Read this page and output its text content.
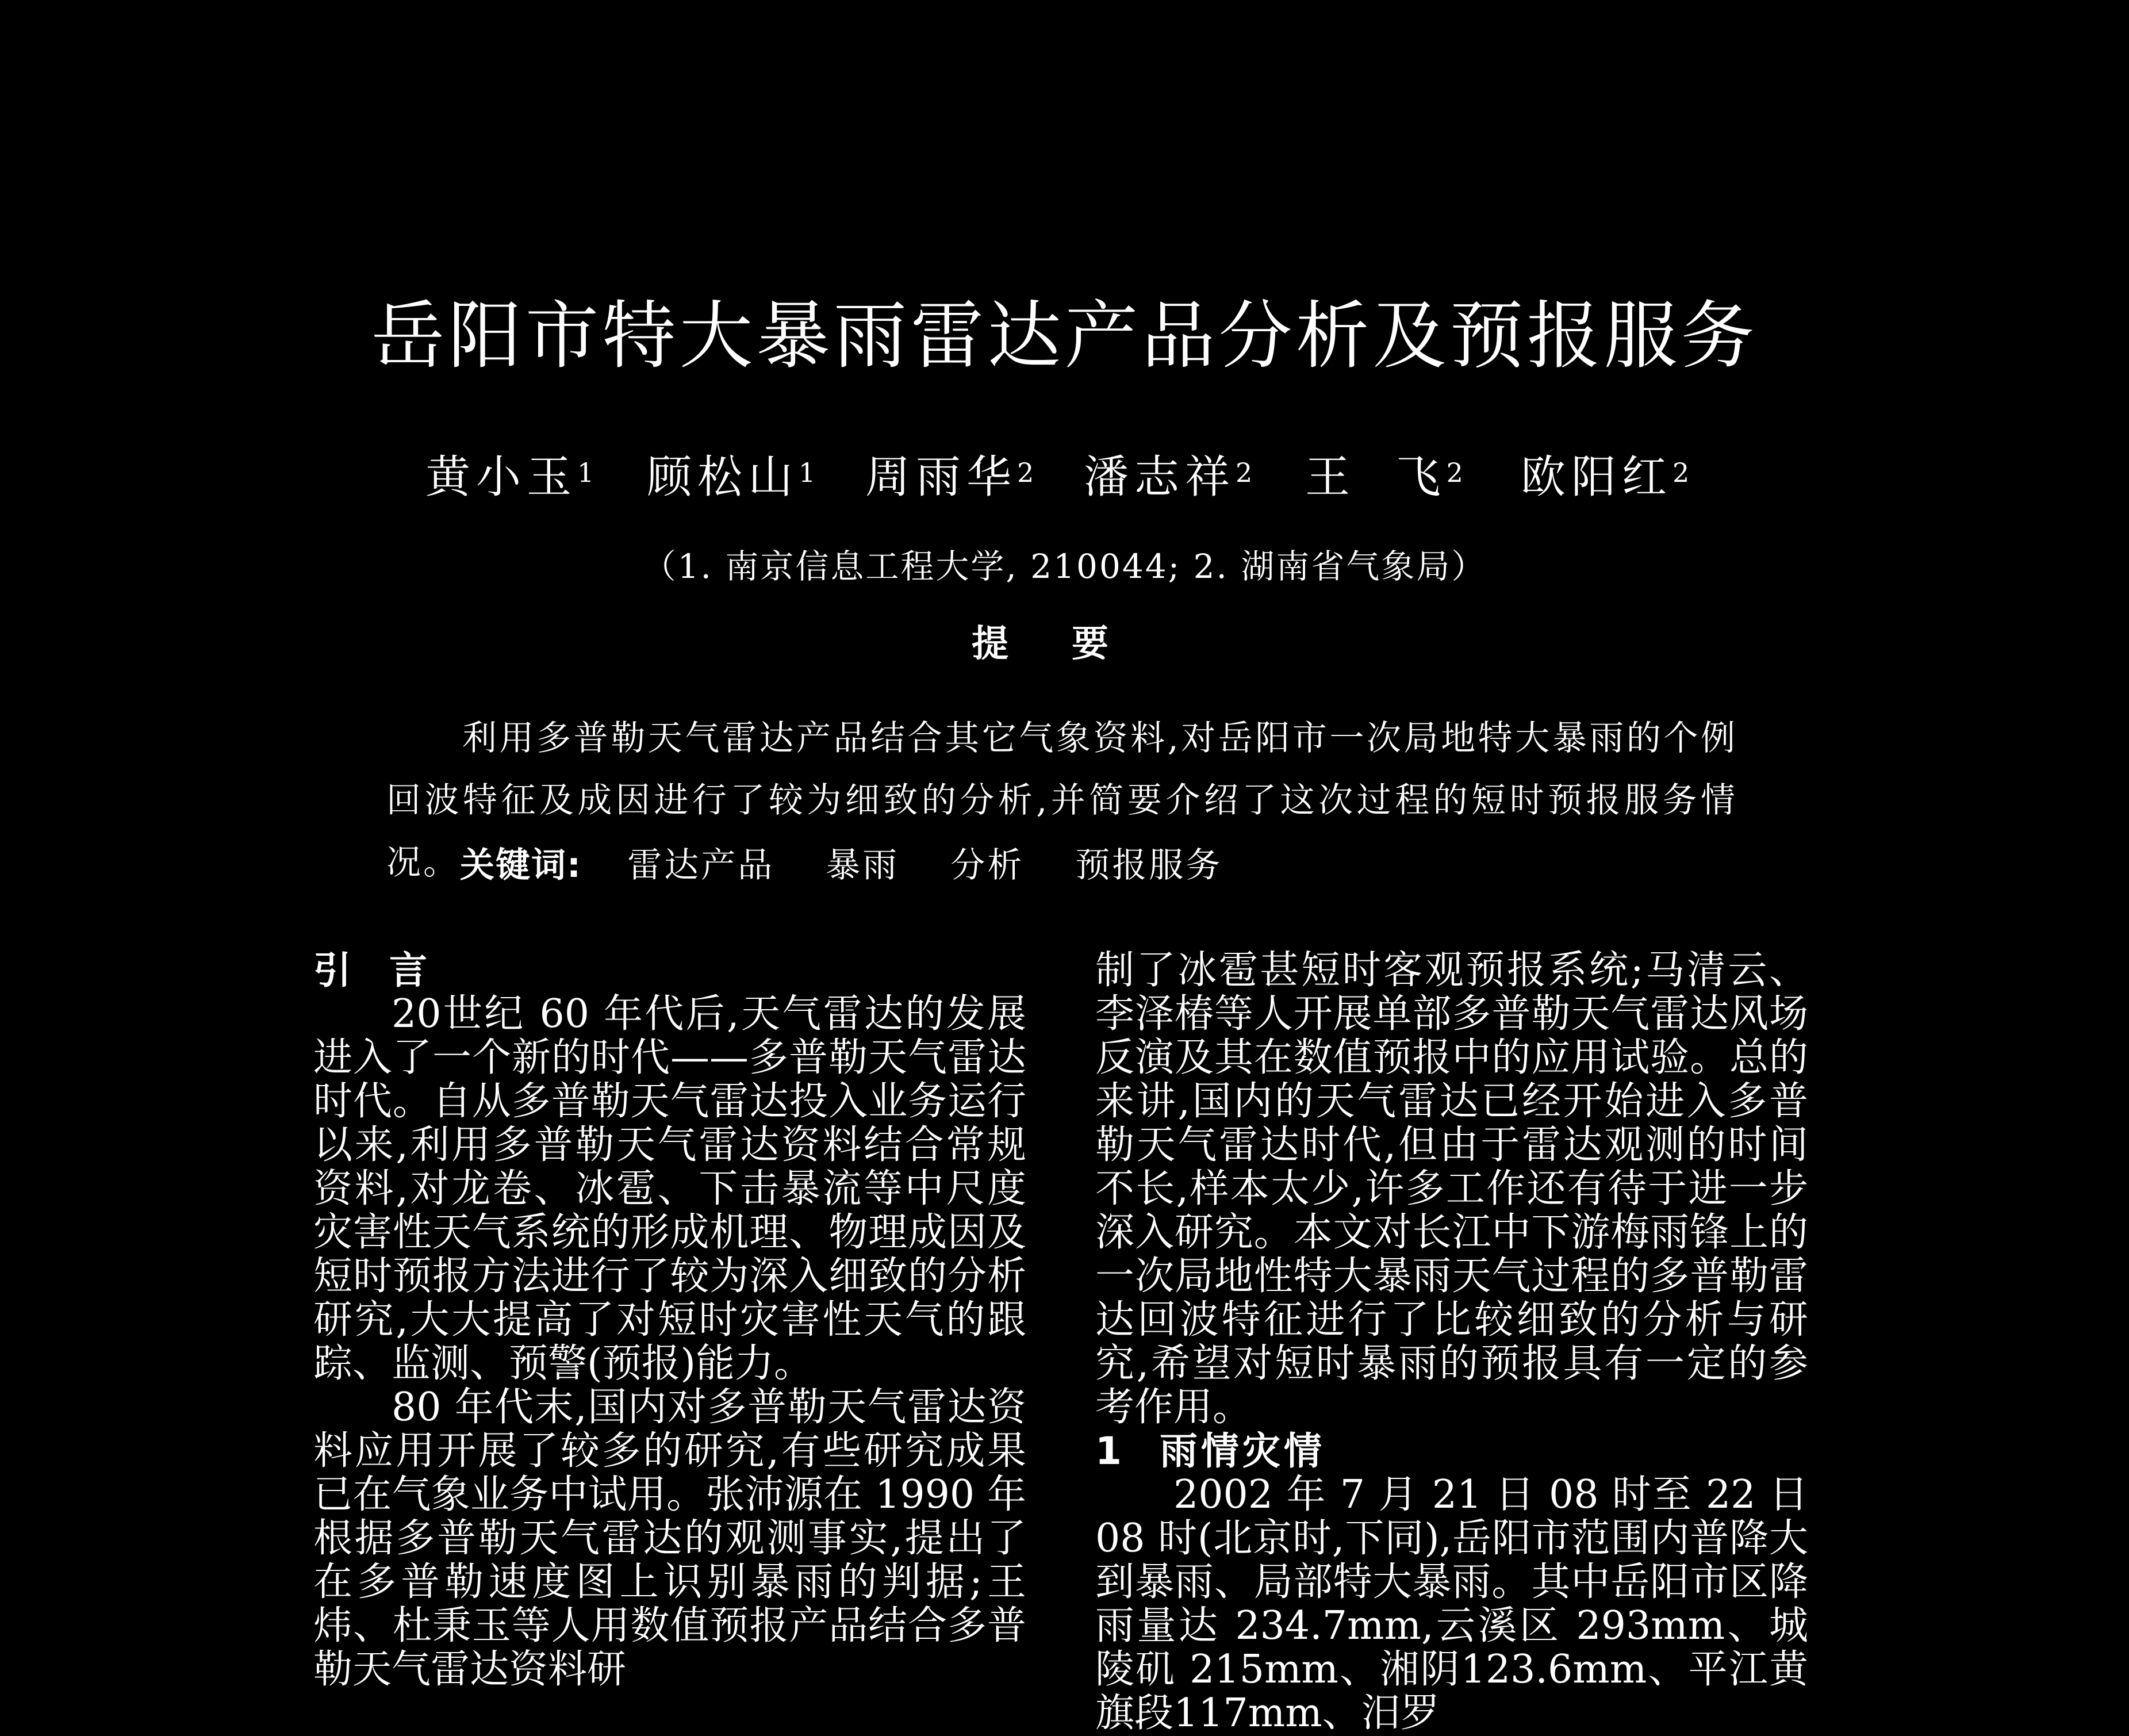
岳阳市特大暴雨雷达产品分析及预报服务
黄小玉$^1$ 顾松山$^1$ 周雨华$^2$ 潘志祥$^2$ 王  飞$^2$ 欧阳红$^2$
（1. 南京信息工程大学, 210044; 2. 湖南省气象局）
提要

利用多普勒天气雷达产品结合其它气象资料,对岳阳市一次局地特大暴雨的个例回波特征及成因进行了较为细致的分析,并简要介绍了这次过程的短时预报服务情况。 关键词: 雷达产品 暴雨 分析 预报服务
引 言

20世纪 60 年代后,天气雷达的发展进入了一个新的时代——多普勒天气雷达时代。自从多普勒天气雷达投入业务运行以来,利用多普勒天气雷达资料结合常规资料,对龙卷、冰雹、下击暴流等中尺度灾害性天气系统的形成机理、物理成因及短时预报方法进行了较为深入细致的分析研究,大大提高了对短时灾害性天气的跟踪、监测、预警(预报)能力。

80 年代末,国内对多普勒天气雷达资料应用开展了较多的研究,有些研究成果已在气象业务中试用。张沛源在 1990 年根据多普勒天气雷达的观测事实,提出了在多普勒速度图上识别暴雨的判据;王炜、杜秉玉等人用数值预报产品结合多普勒天气雷达资料研

制了冰雹甚短时客观预报系统;马清云、李泽椿等人开展单部多普勒天气雷达风场反演及其在数值预报中的应用试验。总的来讲,国内的天气雷达已经开始进入多普勒天气雷达时代,但由于雷达观测的时间不长,样本太少,许多工作还有待于进一步深入研究。本文对长江中下游梅雨锋上的一次局地性特大暴雨天气过程的多普勒雷达回波特征进行了比较细致的分析与研究,希望对短时暴雨的预报具有一定的参考作用。

1 雨情灾情

2002 年 7 月 21 日 08 时至 22 日 08 时(北京时,下同),岳阳市范围内普降大到暴雨、局部特大暴雨。其中岳阳市区降雨量达 234.7mm,云溪区 293mm、城陵矶 215mm、湘阴123.6mm、平江黄旗段117mm、汨罗
